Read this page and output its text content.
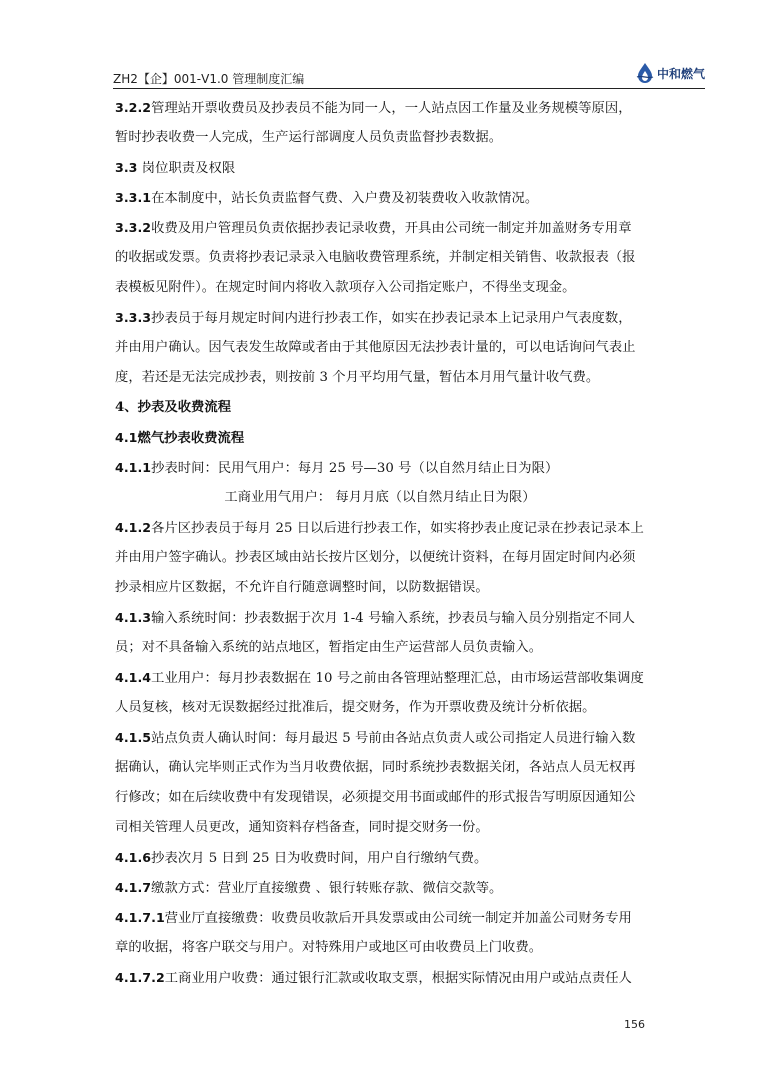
ZH2【企】001-V1.0 管理制度汇编	中和燃气
3.2.2管理站开票收费员及抄表员不能为同一人，一人站点因工作量及业务规模等原因，
暂时抄表收费一人完成，生产运行部调度人员负责监督抄表数据。
3.3 岗位职责及权限
3.3.1在本制度中，站长负责监督气费、入户费及初装费收入收款情况。
3.3.2收费及用户管理员负责依据抄表记录收费，开具由公司统一制定并加盖财务专用章
的收据或发票。负责将抄表记录录入电脑收费管理系统，并制定相关销售、收款报表（报
表模板见附件）。在规定时间内将收入款项存入公司指定账户，不得坐支现金。
3.3.3抄表员于每月规定时间内进行抄表工作，如实在抄表记录本上记录用户气表度数，
并由用户确认。因气表发生故障或者由于其他原因无法抄表计量的，可以电话询问气表止
度，若还是无法完成抄表，则按前 3 个月平均用气量，暂估本月用气量计收气费。
4、抄表及收费流程
4.1燃气抄表收费流程
4.1.1抄表时间：民用气用户：每月 25 号—30 号（以自然月结止日为限）
工商业用气用户： 每月月底（以自然月结止日为限）
4.1.2各片区抄表员于每月 25 日以后进行抄表工作，如实将抄表止度记录在抄表记录本上
并由用户签字确认。抄表区域由站长按片区划分，以便统计资料，在每月固定时间内必须
抄录相应片区数据，不允许自行随意调整时间，以防数据错误。
4.1.3输入系统时间：抄表数据于次月 1-4 号输入系统，抄表员与输入员分别指定不同人
员；对不具备输入系统的站点地区，暂指定由生产运营部人员负责输入。
4.1.4工业用户：每月抄表数据在 10 号之前由各管理站整理汇总，由市场运营部收集调度
人员复核，核对无误数据经过批准后，提交财务，作为开票收费及统计分析依据。
4.1.5站点负责人确认时间：每月最迟 5 号前由各站点负责人或公司指定人员进行输入数
据确认，确认完毕则正式作为当月收费依据，同时系统抄表数据关闭，各站点人员无权再
行修改；如在后续收费中有发现错误，必须提交用书面或邮件的形式报告写明原因通知公
司相关管理人员更改，通知资料存档备查，同时提交财务一份。
4.1.6抄表次月 5 日到 25 日为收费时间，用户自行缴纳气费。
4.1.7缴款方式：营业厅直接缴费 、银行转账存款、微信交款等。
4.1.7.1营业厅直接缴费：收费员收款后开具发票或由公司统一制定并加盖公司财务专用
章的收据，将客户联交与用户。对特殊用户或地区可由收费员上门收费。
4.1.7.2工商业用户收费：通过银行汇款或收取支票，根据实际情况由用户或站点责任人
156
